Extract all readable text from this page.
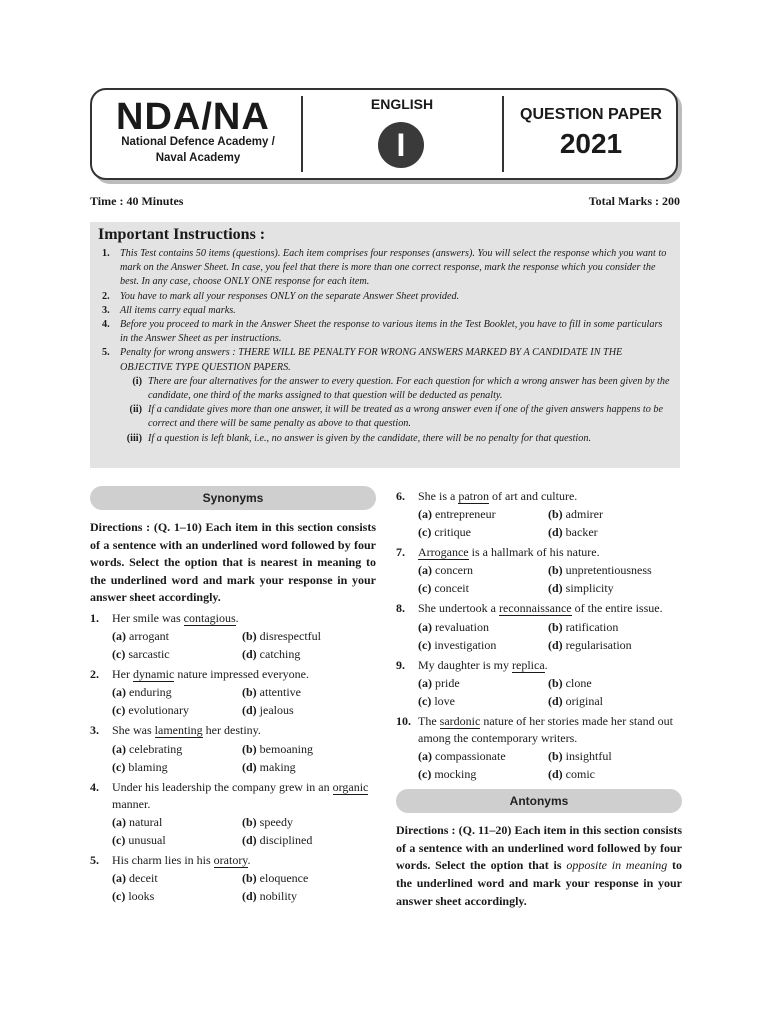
NDA/NA
National Defence Academy /
Naval Academy
ENGLISH
I
QUESTION PAPER
2021
Time : 40 Minutes	Total Marks : 200
Important Instructions :
1. This Test contains 50 items (questions). Each item comprises four responses (answers). You will select the response which you want to mark on the Answer Sheet. In case, you feel that there is more than one correct response, mark the response which you consider the best. In any case, choose ONLY ONE response for each item.
2. You have to mark all your responses ONLY on the separate Answer Sheet provided.
3. All items carry equal marks.
4. Before you proceed to mark in the Answer Sheet the response to various items in the Test Booklet, you have to fill in some particulars in the Answer Sheet as per instructions.
5. Penalty for wrong answers : THERE WILL BE PENALTY FOR WRONG ANSWERS MARKED BY A CANDIDATE IN THE OBJECTIVE TYPE QUESTION PAPERS.
(i) There are four alternatives for the answer to every question. For each question for which a wrong answer has been given by the candidate, one third of the marks assigned to that question will be deducted as penalty.
(ii) If a candidate gives more than one answer, it will be treated as a wrong answer even if one of the given answers happens to be correct and there will be same penalty as above to that question.
(iii) If a question is left blank, i.e., no answer is given by the candidate, there will be no penalty for that question.
Synonyms
Directions : (Q. 1–10) Each item in this section consists of a sentence with an underlined word followed by four words. Select the option that is nearest in meaning to the underlined word and mark your response in your answer sheet accordingly.
1. Her smile was contagious.
(a) arrogant	(b) disrespectful
(c) sarcastic	(d) catching
2. Her dynamic nature impressed everyone.
(a) enduring	(b) attentive
(c) evolutionary	(d) jealous
3. She was lamenting her destiny.
(a) celebrating	(b) bemoaning
(c) blaming	(d) making
4. Under his leadership the company grew in an organic manner.
(a) natural	(b) speedy
(c) unusual	(d) disciplined
5. His charm lies in his oratory.
(a) deceit	(b) eloquence
(c) looks	(d) nobility
6. She is a patron of art and culture.
(a) entrepreneur	(b) admirer
(c) critique	(d) backer
7. Arrogance is a hallmark of his nature.
(a) concern	(b) unpretentiousness
(c) conceit	(d) simplicity
8. She undertook a reconnaissance of the entire issue.
(a) revaluation	(b) ratification
(c) investigation	(d) regularisation
9. My daughter is my replica.
(a) pride	(b) clone
(c) love	(d) original
10. The sardonic nature of her stories made her stand out among the contemporary writers.
(a) compassionate	(b) insightful
(c) mocking	(d) comic
Antonyms
Directions : (Q. 11–20) Each item in this section consists of a sentence with an underlined word followed by four words. Select the option that is opposite in meaning to the underlined word and mark your response in your answer sheet accordingly.
